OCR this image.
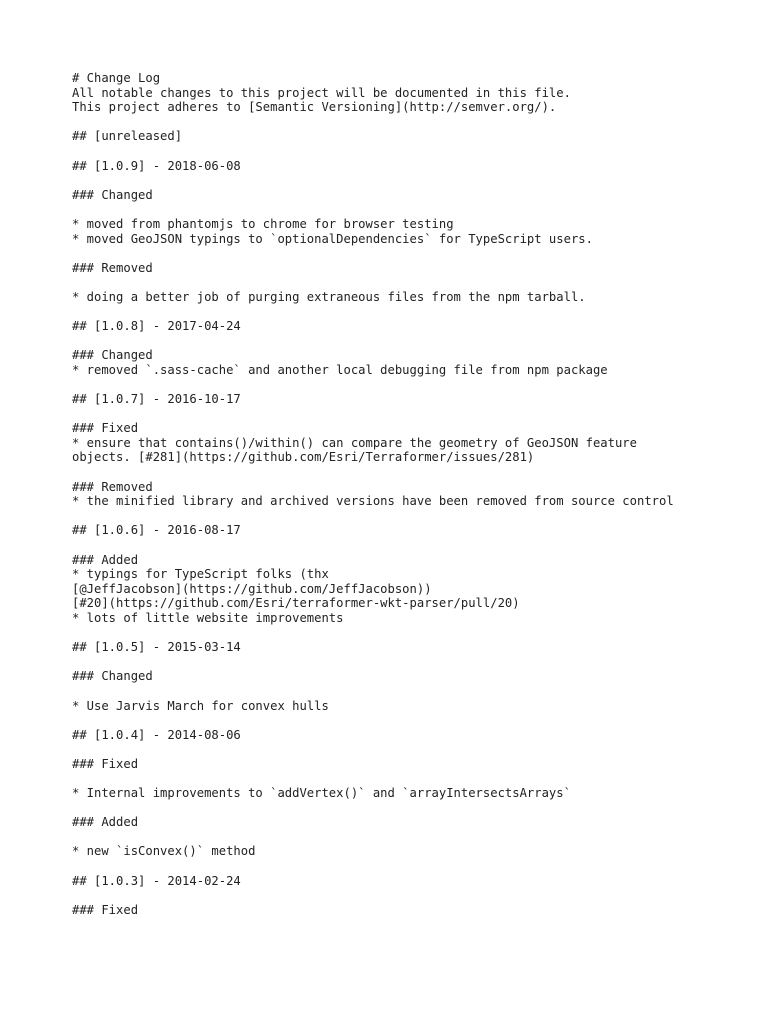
# Change Log
All notable changes to this project will be documented in this file.
This project adheres to [Semantic Versioning](http://semver.org/).
## [unreleased]
## [1.0.9] - 2018-06-08
### Changed
* moved from phantomjs to chrome for browser testing
* moved GeoJSON typings to `optionalDependencies` for TypeScript users.
### Removed
* doing a better job of purging extraneous files from the npm tarball.
## [1.0.8] - 2017-04-24
### Changed
* removed `.sass-cache` and another local debugging file from npm package
## [1.0.7] - 2016-10-17
### Fixed
* ensure that contains()/within() can compare the geometry of GeoJSON feature
objects. [#281](https://github.com/Esri/Terraformer/issues/281)
### Removed
* the minified library and archived versions have been removed from source control
## [1.0.6] - 2016-08-17
### Added
* typings for TypeScript folks (thx
[@JeffJacobson](https://github.com/JeffJacobson))
[#20](https://github.com/Esri/terraformer-wkt-parser/pull/20)
* lots of little website improvements
## [1.0.5] - 2015-03-14
### Changed
* Use Jarvis March for convex hulls
## [1.0.4] - 2014-08-06
### Fixed
* Internal improvements to `addVertex()` and `arrayIntersectsArrays`
### Added
* new `isConvex()` method
## [1.0.3] - 2014-02-24
### Fixed
